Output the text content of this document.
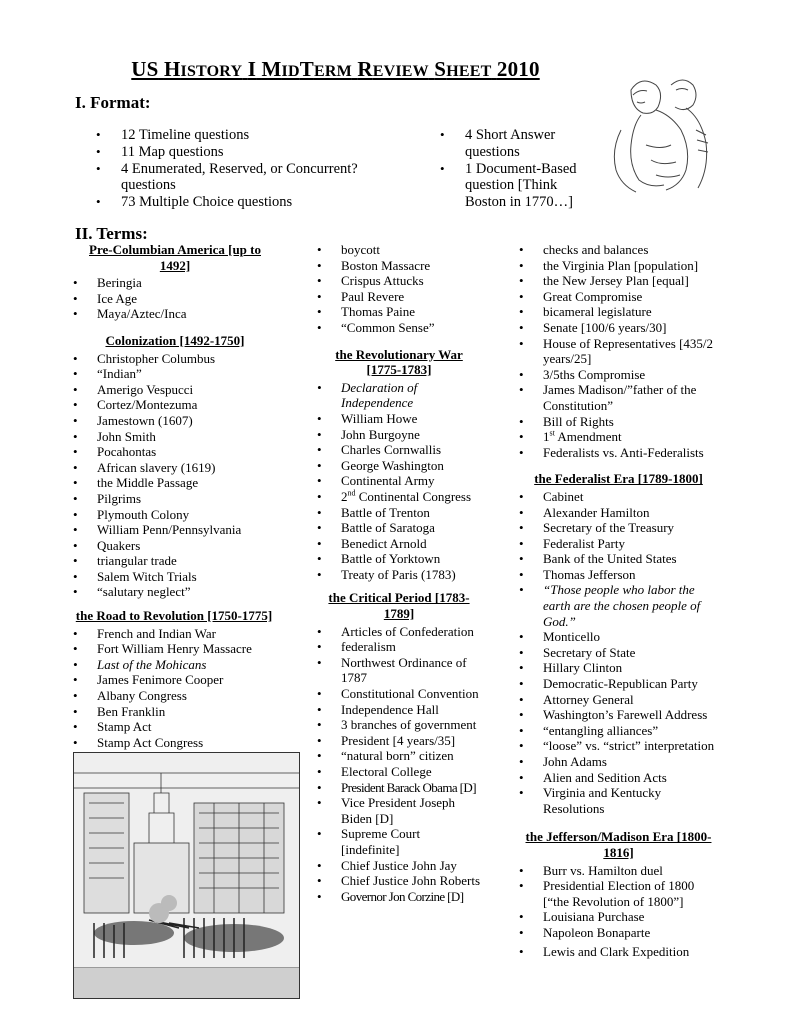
US HISTORY I MIDTERM REVIEW SHEET 2010
I. Format:
• 12 Timeline questions
• 11 Map questions
• 4 Enumerated, Reserved, or Concurrent? questions
• 73 Multiple Choice questions
• 4 Short Answer questions
• 1 Document-Based question [Think Boston in 1770…]
II. Terms:
Pre-Columbian America [up to 1492]
• Beringia
• Ice Age
• Maya/Aztec/Inca
Colonization [1492-1750]
• Christopher Columbus
• “Indian”
• Amerigo Vespucci
• Cortez/Montezuma
• Jamestown (1607)
• John Smith
• Pocahontas
• African slavery (1619)
• the Middle Passage
• Pilgrims
• Plymouth Colony
• William Penn/Pennsylvania
• Quakers
• triangular trade
• Salem Witch Trials
• “salutary neglect”
the Road to Revolution [1750-1775]
• French and Indian War
• Fort William Henry Massacre
• Last of the Mohicans
• James Fenimore Cooper
• Albany Congress
• Ben Franklin
• Stamp Act
• Stamp Act Congress
• boycott
• Boston Massacre
• Crispus Attucks
• Paul Revere
• Thomas Paine
• “Common Sense”
the Revolutionary War [1775-1783]
• Declaration of Independence
• William Howe
• John Burgoyne
• Charles Cornwallis
• George Washington
• Continental Army
• 2nd Continental Congress
• Battle of Trenton
• Battle of Saratoga
• Benedict Arnold
• Battle of Yorktown
• Treaty of Paris (1783)
the Critical Period [1783-1789]
• Articles of Confederation
• federalism
• Northwest Ordinance of 1787
• Constitutional Convention
• Independence Hall
• 3 branches of government
• President [4 years/35]
• “natural born” citizen
• Electoral College
• President Barack Obama [D]
• Vice President Joseph Biden [D]
• Supreme Court [indefinite]
• Chief Justice John Jay
• Chief Justice John Roberts
• Governor Jon Corzine [D]
• checks and balances
• the Virginia Plan [population]
• the New Jersey Plan [equal]
• Great Compromise
• bicameral legislature
• Senate [100/6 years/30]
• House of Representatives [435/2 years/25]
• 3/5ths Compromise
• James Madison/”father of the Constitution”
• Bill of Rights
• 1st Amendment
• Federalists vs. Anti-Federalists
the Federalist Era [1789-1800]
• Cabinet
• Alexander Hamilton
• Secretary of the Treasury
• Federalist Party
• Bank of the United States
• Thomas Jefferson
• “Those people who labor the earth are the chosen people of God.”
• Monticello
• Secretary of State
• Hillary Clinton
• Democratic-Republican Party
• Attorney General
• Washington’s Farewell Address
• “entangling alliances”
• “loose” vs. “strict” interpretation
• John Adams
• Alien and Sedition Acts
• Virginia and Kentucky Resolutions
the Jefferson/Madison Era [1800-1816]
• Burr vs. Hamilton duel
• Presidential Election of 1800 [“the Revolution of 1800”]
• Louisiana Purchase
• Napoleon Bonaparte
• Lewis and Clark Expedition
